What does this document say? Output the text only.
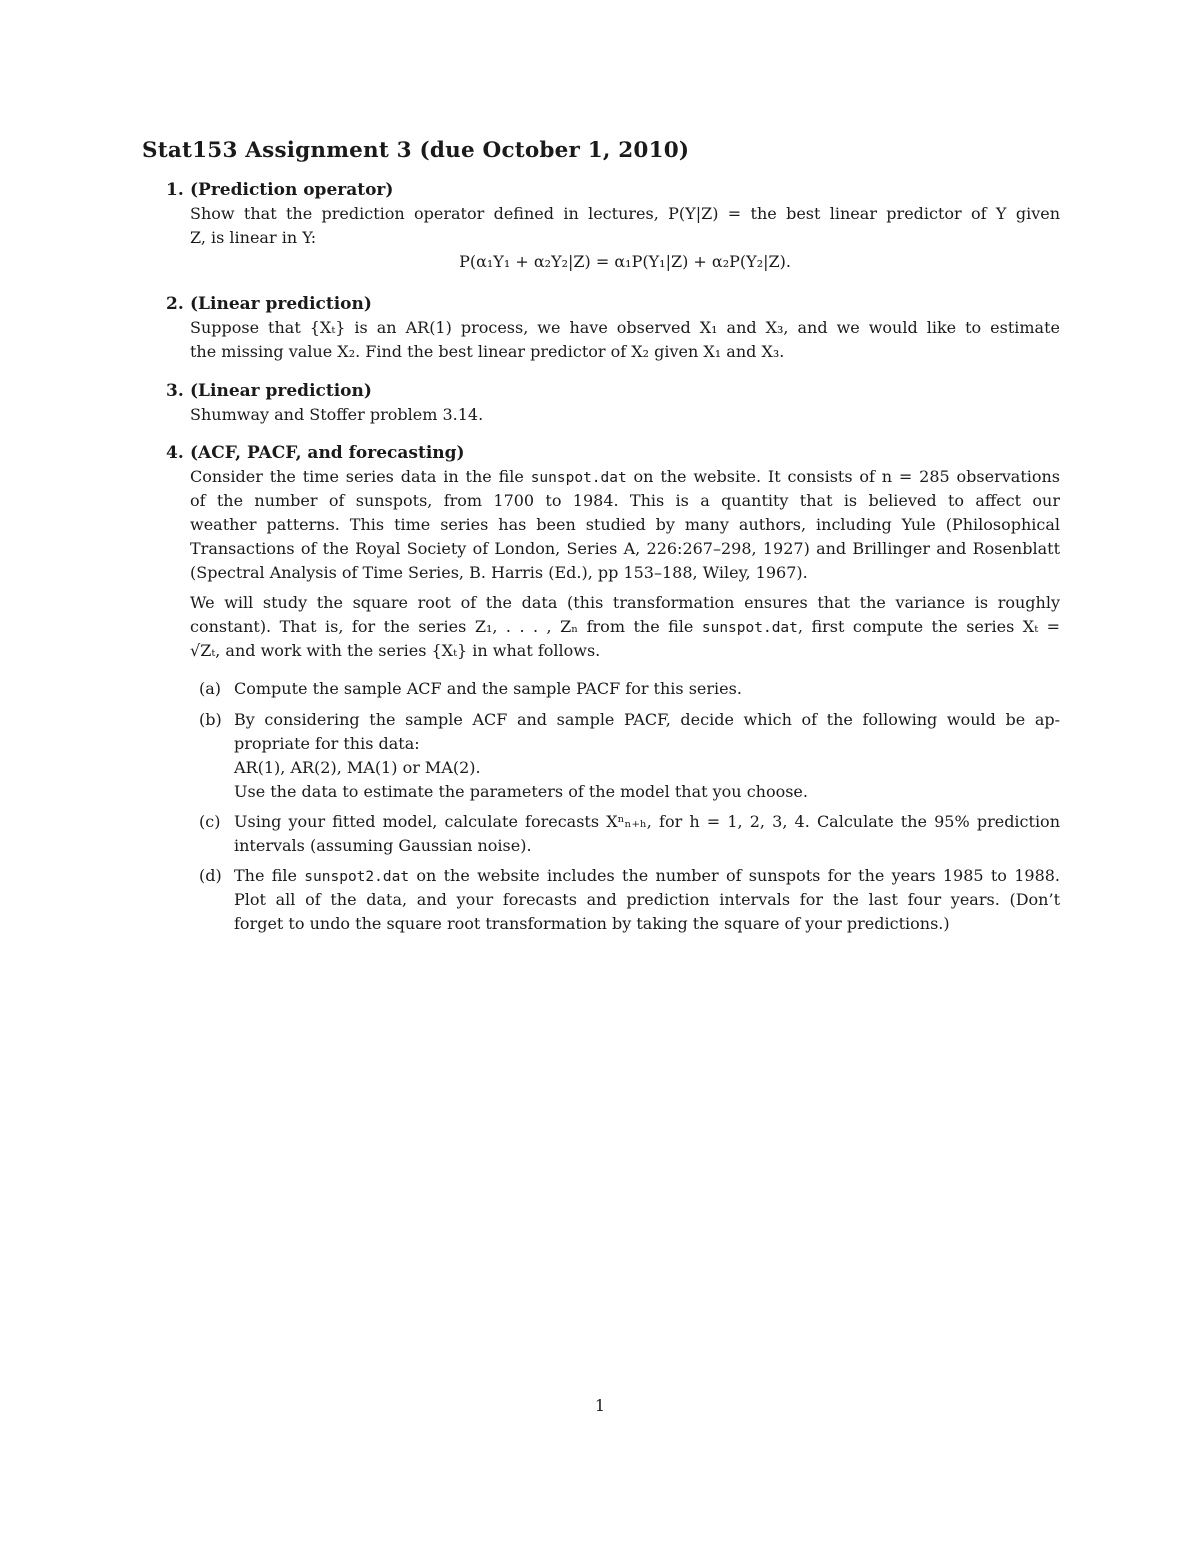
Stat153 Assignment 3 (due October 1, 2010)
1. (Prediction operator)
Show that the prediction operator defined in lectures, P(Y|Z) = the best linear predictor of Y given
Z, is linear in Y:
P(α₁Y₁ + α₂Y₂|Z) = α₁P(Y₁|Z) + α₂P(Y₂|Z).
2. (Linear prediction)
Suppose that {Xₜ} is an AR(1) process, we have observed X₁ and X₃, and we would like to estimate
the missing value X₂. Find the best linear predictor of X₂ given X₁ and X₃.
3. (Linear prediction)
Shumway and Stoffer problem 3.14.
4. (ACF, PACF, and forecasting)
Consider the time series data in the file sunspot.dat on the website. It consists of n = 285 observations
of the number of sunspots, from 1700 to 1984. This is a quantity that is believed to affect our
weather patterns. This time series has been studied by many authors, including Yule (Philosophical
Transactions of the Royal Society of London, Series A, 226:267–298, 1927) and Brillinger and Rosenblatt
(Spectral Analysis of Time Series, B. Harris (Ed.), pp 153–188, Wiley, 1967).
We will study the square root of the data (this transformation ensures that the variance is roughly
constant). That is, for the series Z₁, . . . , Zₙ from the file sunspot.dat, first compute the series Xₜ =
√Zₜ, and work with the series {Xₜ} in what follows.
(a) Compute the sample ACF and the sample PACF for this series.
(b) By considering the sample ACF and sample PACF, decide which of the following would be ap-
propriate for this data:
AR(1), AR(2), MA(1) or MA(2).
Use the data to estimate the parameters of the model that you choose.
(c) Using your fitted model, calculate forecasts Xⁿₙ₊ₕ, for h = 1, 2, 3, 4. Calculate the 95% prediction
intervals (assuming Gaussian noise).
(d) The file sunspot2.dat on the website includes the number of sunspots for the years 1985 to 1988.
Plot all of the data, and your forecasts and prediction intervals for the last four years. (Don’t
forget to undo the square root transformation by taking the square of your predictions.)
1
